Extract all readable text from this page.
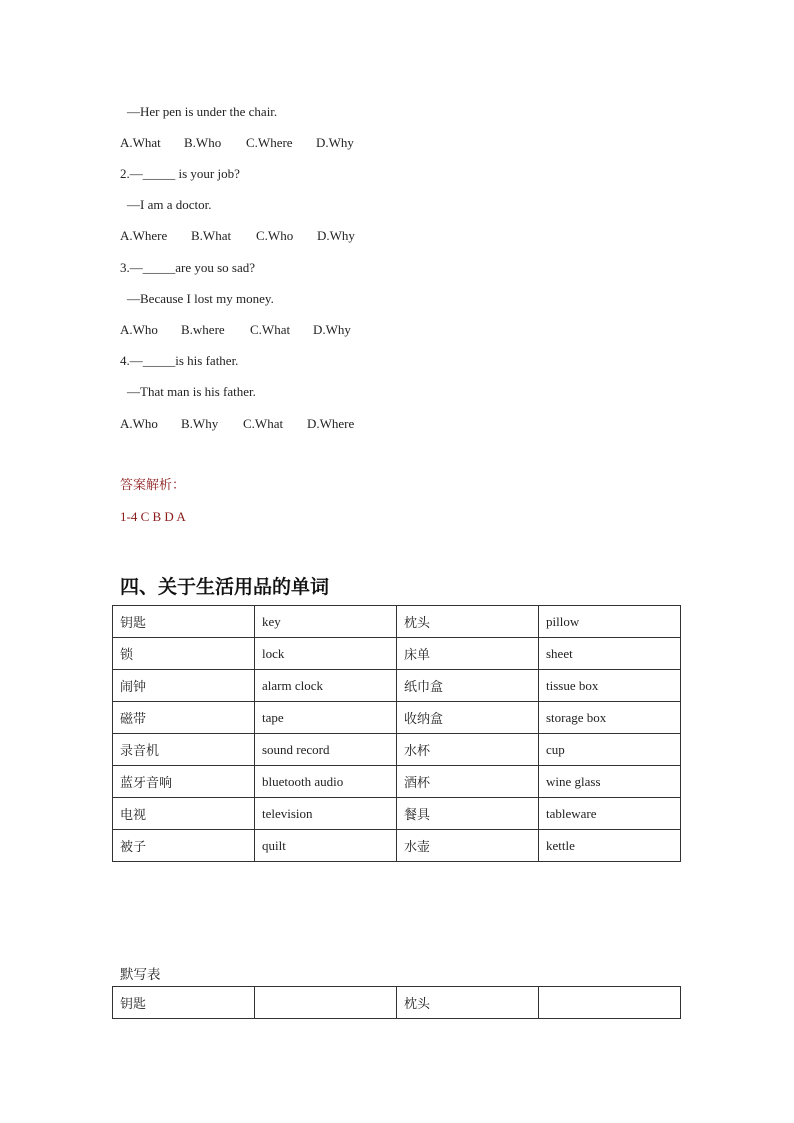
—Her pen is under the chair.
A.What B.Who C.Where D.Why
2.—_____ is your job?
—I am a doctor.
A.Where B.What C.Who D.Why
3.—_____are you so sad?
—Because I lost my money.
A.Who B.where C.What D.Why
4.—_____is his father.
—That man is his father.
A.Who B.Why C.What D.Where
答案解析：
1-4 C B D A
四、关于生活用品的单词
钥匙	key	枕头	pillow
锁	lock	床单	sheet
闹钟	alarm clock	纸巾盒	tissue box
磁带	tape	收纳盒	storage box
录音机	sound record	水杯	cup
蓝牙音响	bluetooth audio	酒杯	wine glass
电视	television	餐具	tableware
被子	quilt	水壶	kettle
默写表
钥匙		枕头	
